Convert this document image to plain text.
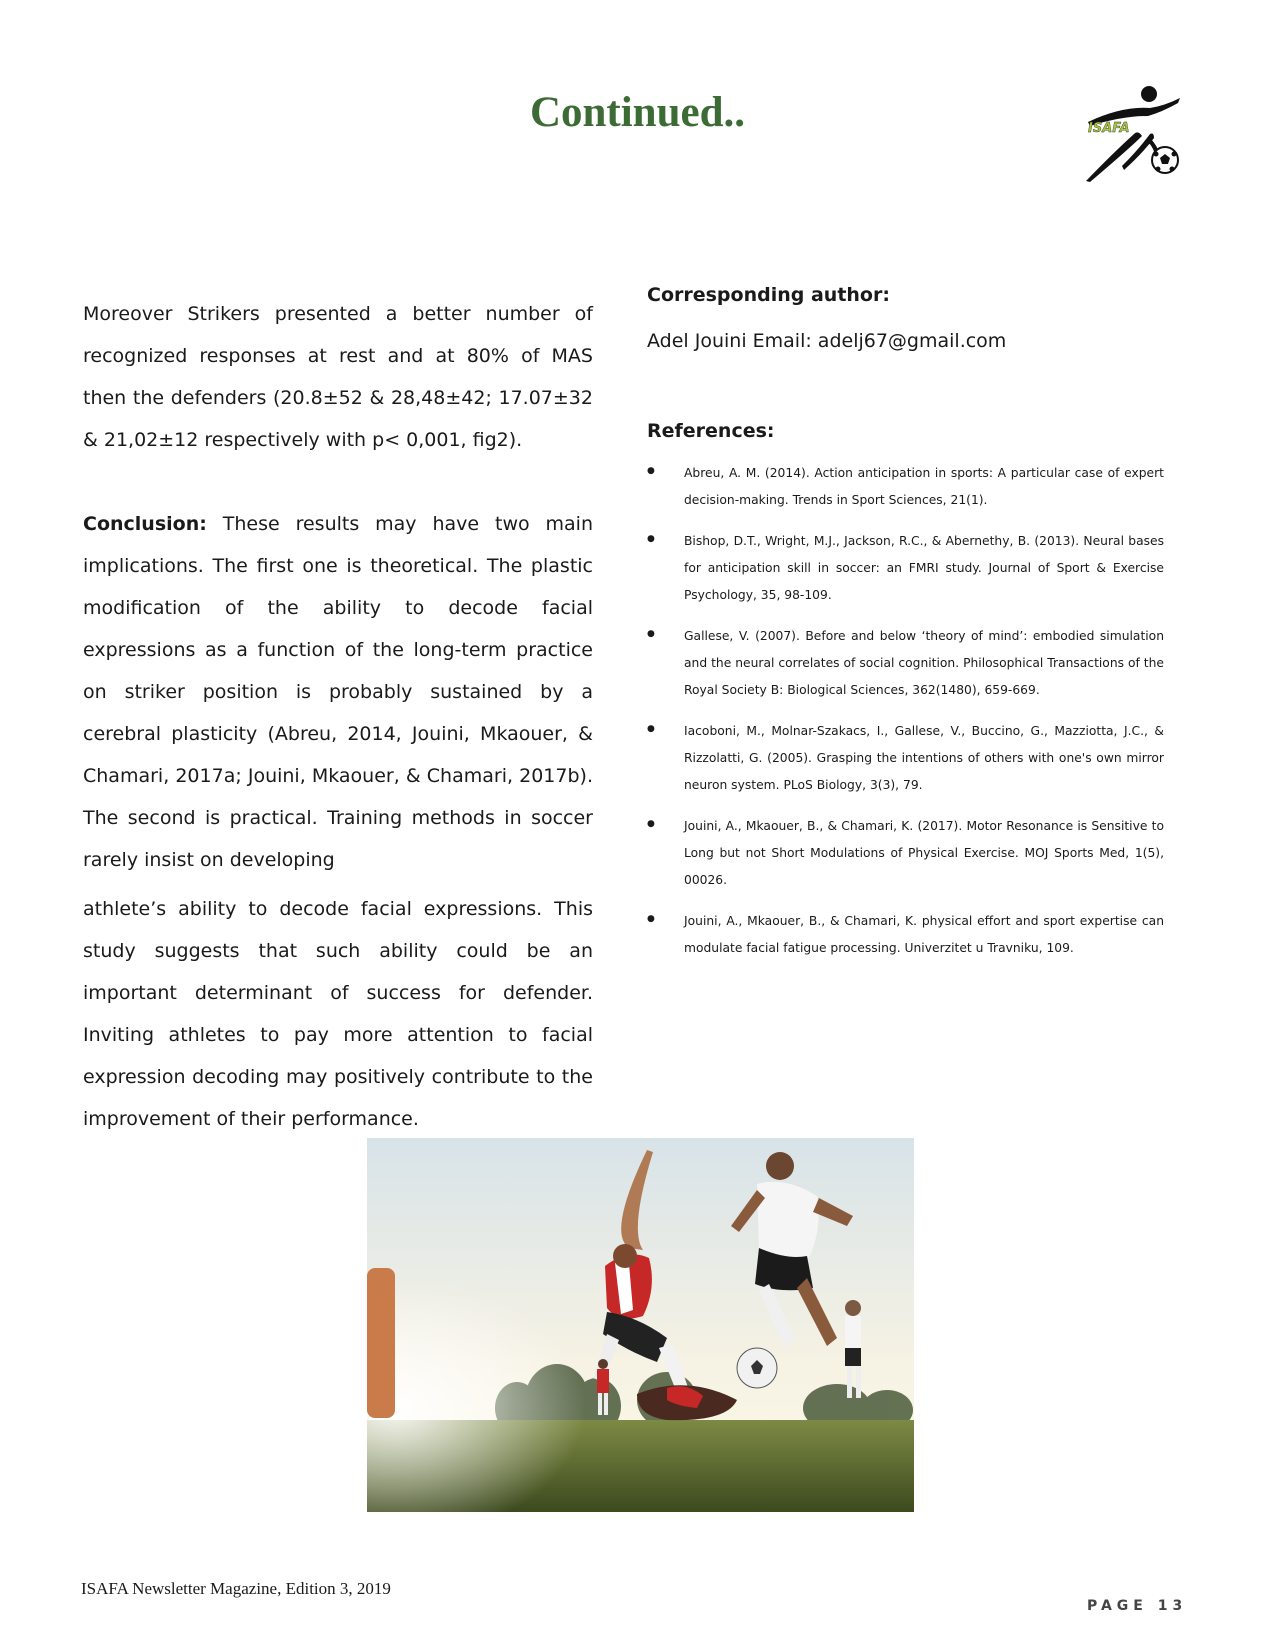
Continued..	ISAFA

Moreover Strikers presented a better number of recognized responses at rest and at 80% of MAS then the defenders (20.8±52 & 28,48±42; 17.07±32 & 21,02±12 respectively with p< 0,001, fig2).

Conclusion: These results may have two main implications. The first one is theoretical. The plastic modification of the ability to decode facial expressions as a function of the long-term practice on striker position is probably sustained by a cerebral plasticity (Abreu, 2014, Jouini, Mkaouer, & Chamari, 2017a; Jouini, Mkaouer, & Chamari, 2017b). The second is practical. Training methods in soccer rarely insist on developing
athlete’s ability to decode facial expressions. This study suggests that such ability could be an important determinant of success for defender. Inviting athletes to pay more attention to facial expression decoding may positively contribute to the improvement of their performance.

Corresponding author:

Adel Jouini Email: adelj67@gmail.com

References:

● Abreu, A. M. (2014). Action anticipation in sports: A particular case of expert decision-making. Trends in Sport Sciences, 21(1).
● Bishop, D.T., Wright, M.J., Jackson, R.C., & Abernethy, B. (2013). Neural bases for anticipation skill in soccer: an FMRI study. Journal of Sport & Exercise Psychology, 35, 98-109.
● Gallese, V. (2007). Before and below ‘theory of mind’: embodied simulation and the neural correlates of social cognition. Philosophical Transactions of the Royal Society B: Biological Sciences, 362(1480), 659-669.
● Iacoboni, M., Molnar-Szakacs, I., Gallese, V., Buccino, G., Mazziotta, J.C., & Rizzolatti, G. (2005). Grasping the intentions of others with one's own mirror neuron system. PLoS Biology, 3(3), 79.
● Jouini, A., Mkaouer, B., & Chamari, K. (2017). Motor Resonance is Sensitive to Long but not Short Modulations of Physical Exercise. MOJ Sports Med, 1(5), 00026.
● Jouini, A., Mkaouer, B., & Chamari, K. physical effort and sport expertise can modulate facial fatigue processing. Univerzitet u Travniku, 109.
ISAFA Newsletter Magazine, Edition 3, 2019
PAGE 13
